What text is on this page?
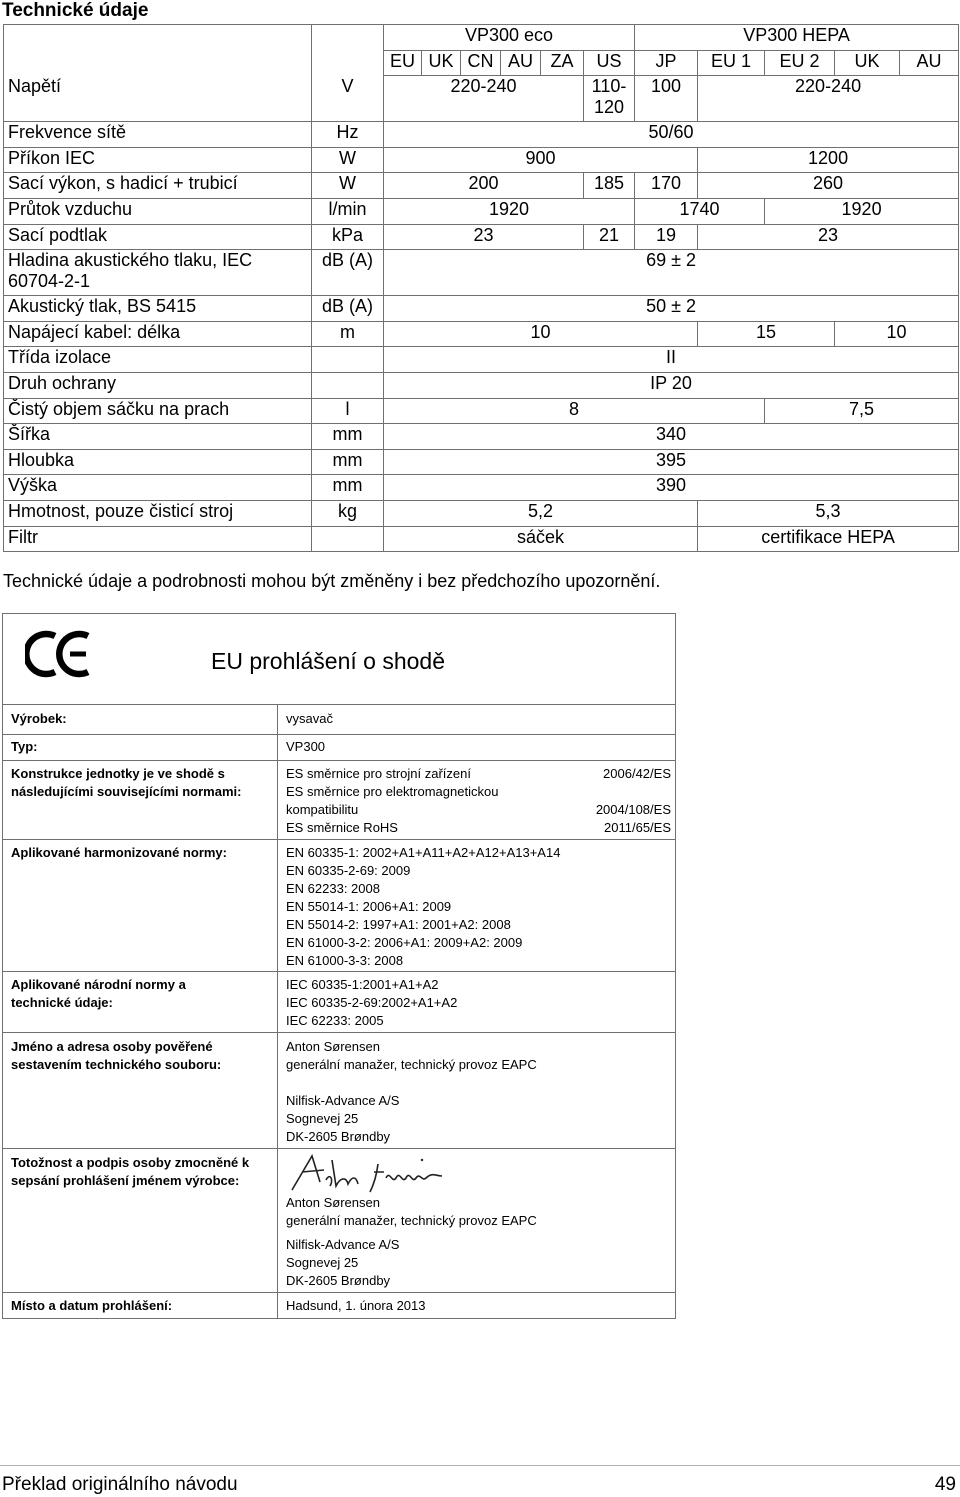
Technické údaje
		VP300 eco						VP300 HEPA				
		EU	UK	CN	AU	ZA	US	JP	EU 1	EU 2	UK	AU
Napětí	V	220-240					110-120	100	220-240			
Frekvence sítě	Hz	50/60										
Příkon IEC	W	900							1200			
Sací výkon, s hadicí + trubicí	W	200					185	170	260			
Průtok vzduchu	l/min	1920						1740		1920		
Sací podtlak	kPa	23					21	19	23			
Hladina akustického tlaku, IEC 60704-2-1	dB (A)	69 ± 2										
Akustický tlak, BS 5415	dB (A)	50 ± 2										
Napájecí kabel: délka	m	10							15		10	
Třída izolace		II										
Druh ochrany		IP 20										
Čistý objem sáčku na prach	l	8								7,5		
Šířka	mm	340										
Hloubka	mm	395										
Výška	mm	390										
Hmotnost, pouze čisticí stroj	kg	5,2							5,3			
Filtr		sáček							certifikace HEPA			
Technické údaje a podrobnosti mohou být změněny i bez předchozího upozornění.
EU prohlášení o shodě
Výrobek:	vysavač
Typ:	VP300
Konstrukce jednotky je ve shodě s následujícími souvisejícími normami:
ES směrnice pro strojní zařízení	2006/42/ES
ES směrnice pro elektromagnetickou
kompatibilitu	2004/108/ES
ES směrnice RoHS	2011/65/ES
Aplikované harmonizované normy:	EN 60335-1: 2002+A1+A11+A2+A12+A13+A14
EN 60335-2-69: 2009
EN 62233: 2008
EN 55014-1: 2006+A1: 2009
EN 55014-2: 1997+A1: 2001+A2: 2008
EN 61000-3-2: 2006+A1: 2009+A2: 2009
EN 61000-3-3: 2008
Aplikované národní normy a technické údaje:
IEC 60335-1:2001+A1+A2
IEC 60335-2-69:2002+A1+A2
IEC 62233: 2005
Jméno a adresa osoby pověřené sestavením technického souboru:
Anton Sørensen
generální manažer, technický provoz EAPC
Nilfisk-Advance A/S
Sognevej 25
DK-2605 Brøndby
Totožnost a podpis osoby zmocněné k sepsání prohlášení jménem výrobce:
Anton Sørensen
generální manažer, technický provoz EAPC
Nilfisk-Advance A/S
Sognevej 25
DK-2605 Brøndby
Místo a datum prohlášení:	Hadsund, 1. února 2013
Překlad originálního návodu	49
